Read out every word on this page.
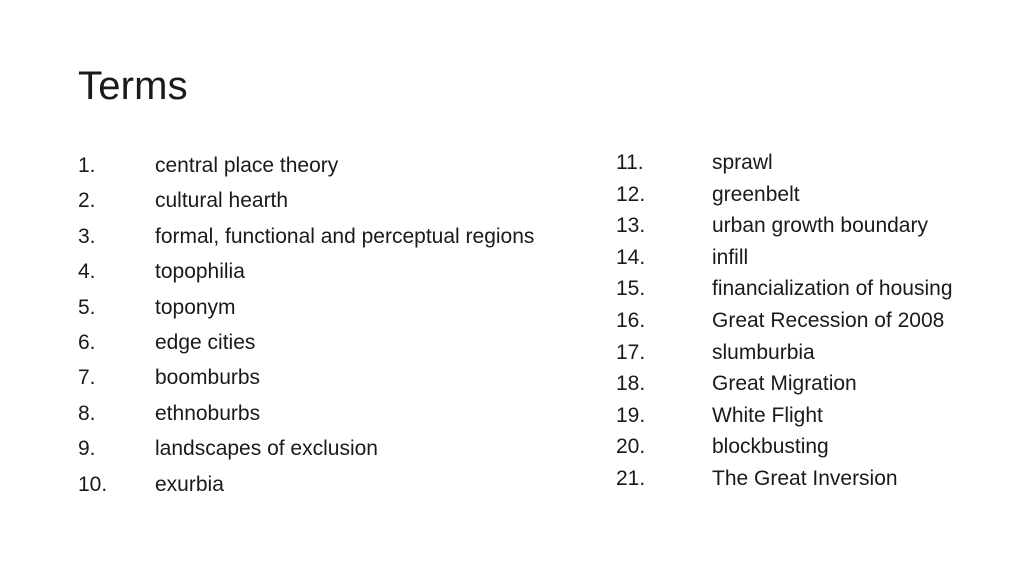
Terms
1.	central place theory
2.	cultural hearth
3.	formal, functional and perceptual regions
4.	topophilia
5.	toponym
6.	edge cities
7.	boomburbs
8.	ethnoburbs
9.	landscapes of exclusion
10. exurbia
11.	sprawl
12.	greenbelt
13.	urban growth boundary
14.	infill
15.	financialization of housing
16.	Great Recession of 2008
17.	slumburbia
18.	Great Migration
19.	White Flight
20.	blockbusting
21.	The Great Inversion
